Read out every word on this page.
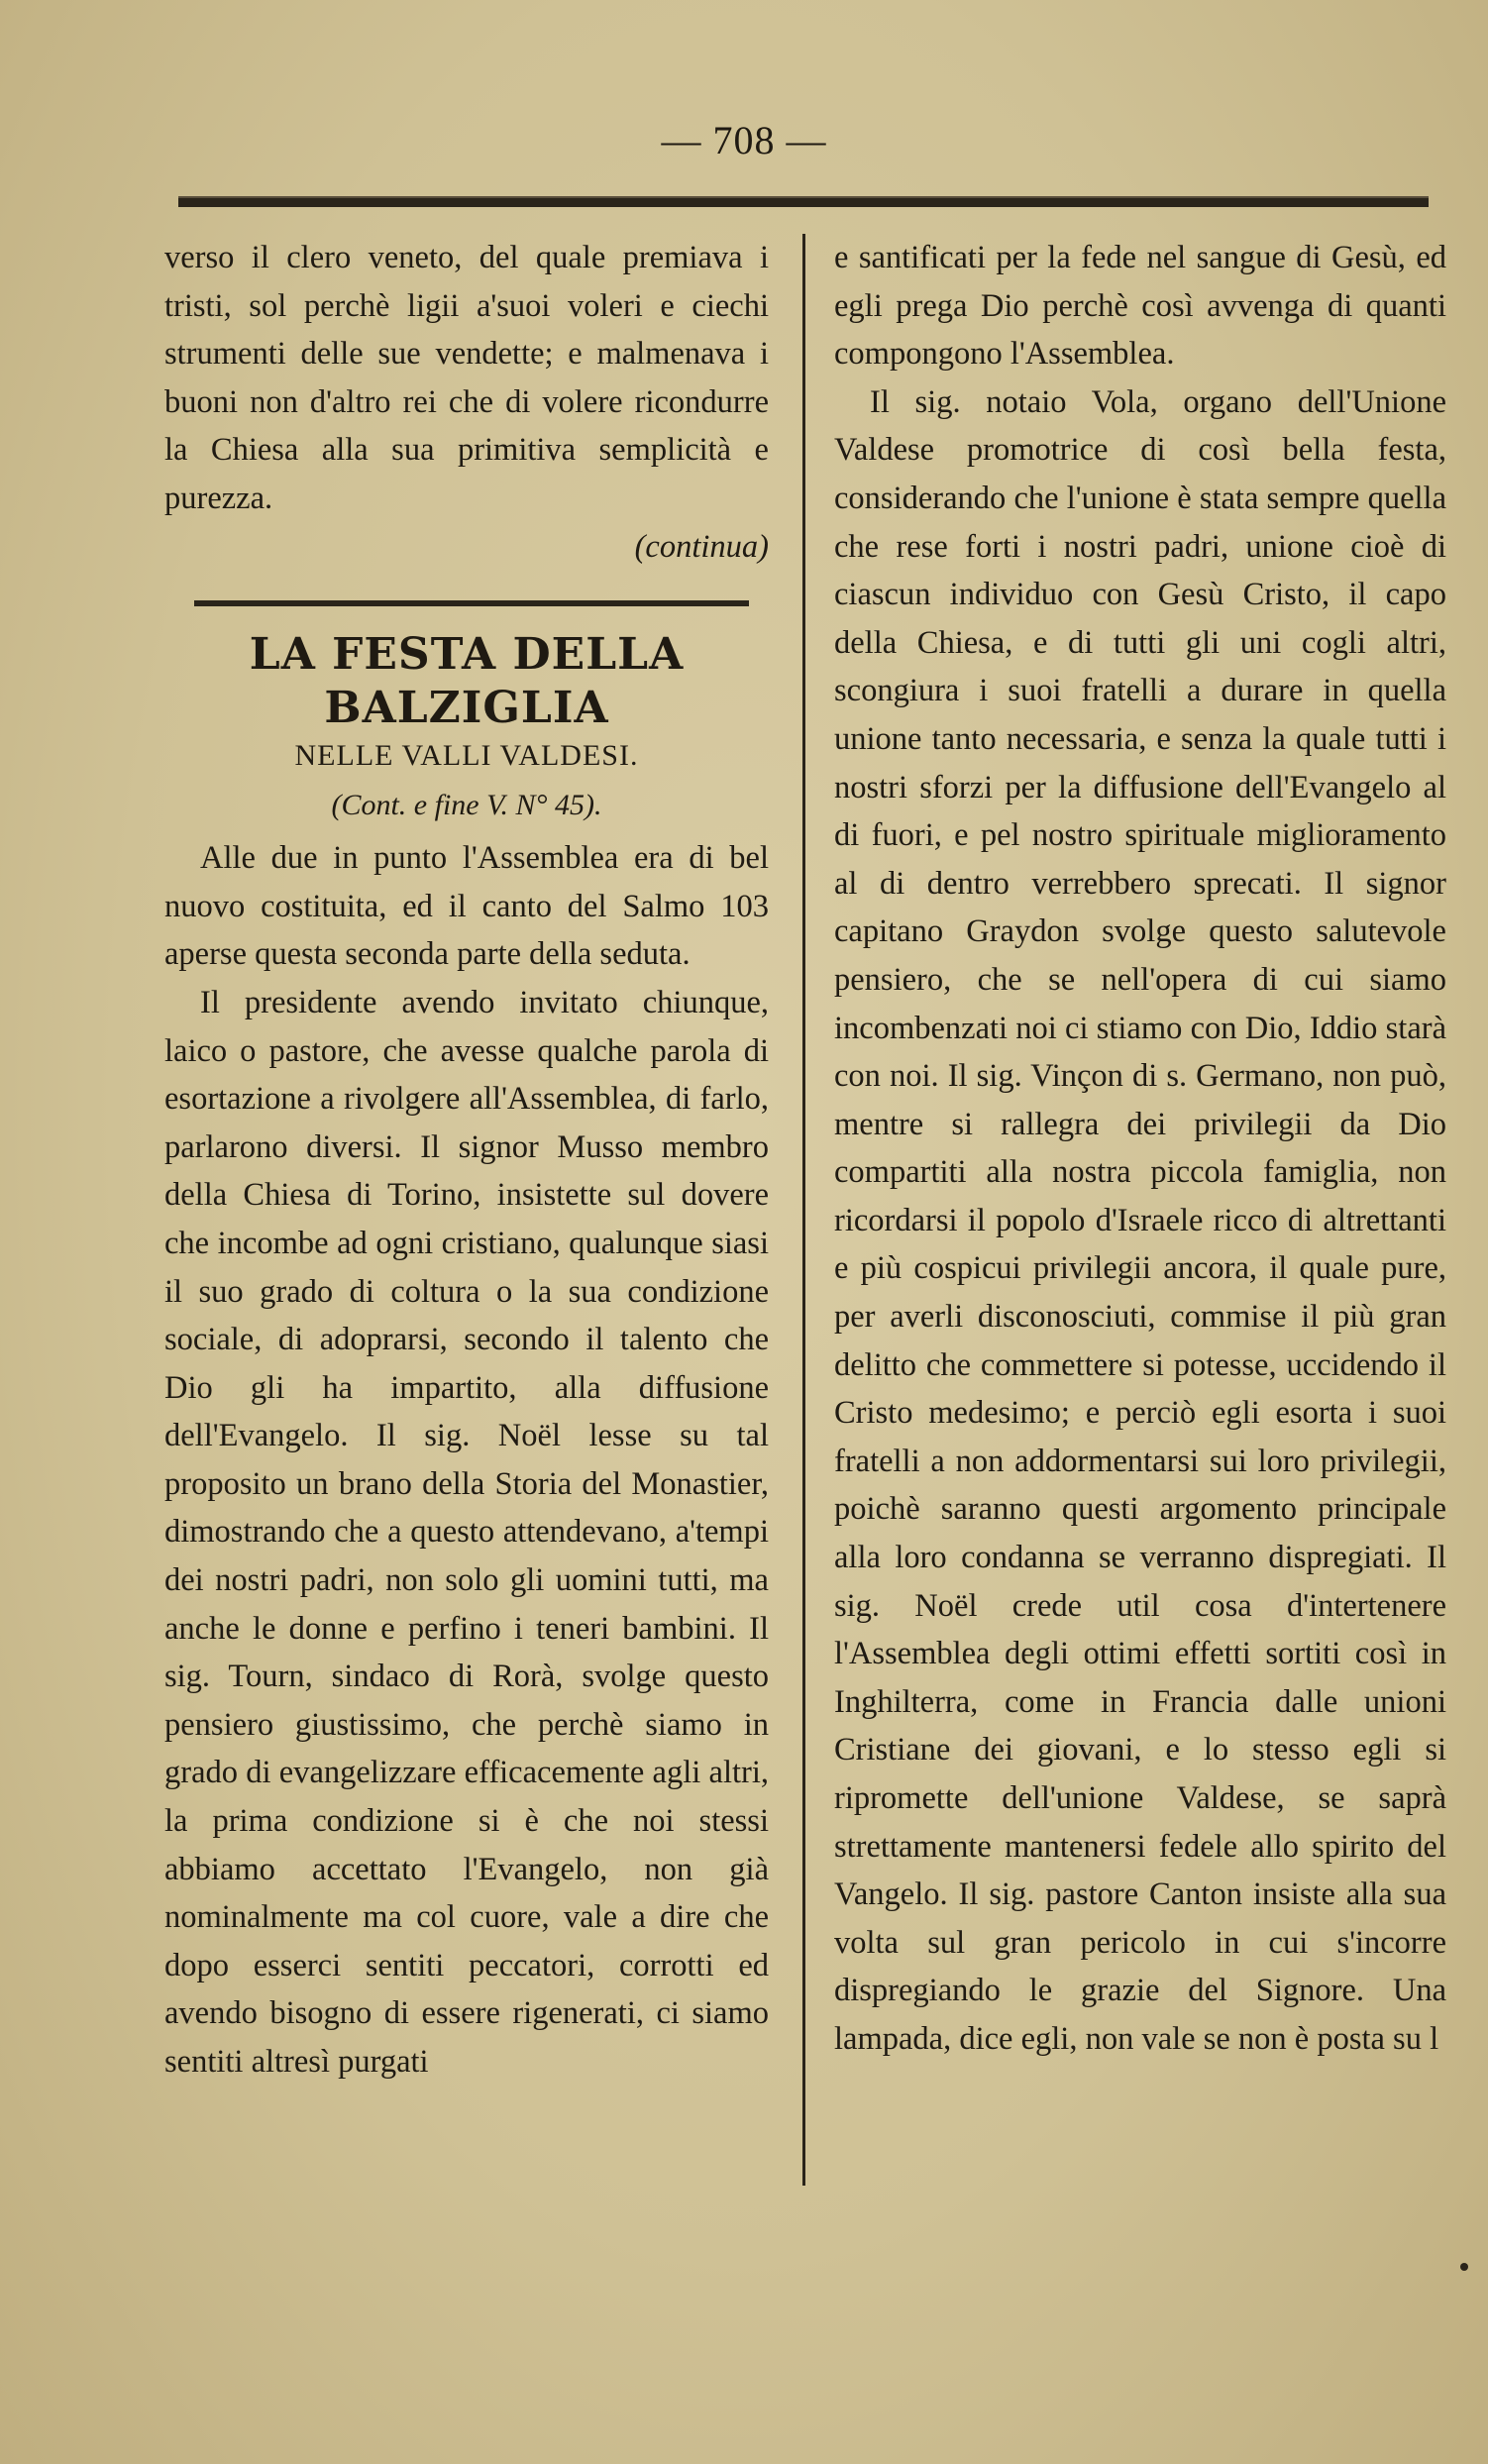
— 708 —

verso il clero veneto, del quale premiava i tristi, sol perchè ligii a'suoi voleri e ciechi strumenti delle sue vendette; e malmenava i buoni non d'altro rei che di volere ricondurre la Chiesa alla sua primitiva semplicità e purezza.

(continua)

LA FESTA DELLA BALZIGLIA
NELLE VALLI VALDESI.
(Cont. e fine V. N° 45).

Alle due in punto l'Assemblea era di bel nuovo costituita, ed il canto del Salmo 103 aperse questa seconda parte della seduta.

Il presidente avendo invitato chiunque, laico o pastore, che avesse qualche parola di esortazione a rivolgere all'Assemblea, di farlo, parlarono diversi. Il signor Musso membro della Chiesa di Torino, insistette sul dovere che incombe ad ogni cristiano, qualunque siasi il suo grado di coltura o la sua condizione sociale, di adoprarsi, secondo il talento che Dio gli ha impartito, alla diffusione dell'Evangelo. Il sig. Noël lesse su tal proposito un brano della Storia del Monastier, dimostrando che a questo attendevano, a'tempi dei nostri padri, non solo gli uomini tutti, ma anche le donne e perfino i teneri bambini. Il sig. Tourn, sindaco di Rorà, svolge questo pensiero giustissimo, che perchè siamo in grado di evangelizzare efficacemente agli altri, la prima condizione si è che noi stessi abbiamo accettato l'Evangelo, non già nominalmente ma col cuore, vale a dire che dopo esserci sentiti peccatori, corrotti ed avendo bisogno di essere rigenerati, ci siamo sentiti altresì purgati

e santificati per la fede nel sangue di Gesù, ed egli prega Dio perchè così avvenga di quanti compongono l'Assemblea.

Il sig. notaio Vola, organo dell'Unione Valdese promotrice di così bella festa, considerando che l'unione è stata sempre quella che rese forti i nostri padri, unione cioè di ciascun individuo con Gesù Cristo, il capo della Chiesa, e di tutti gli uni cogli altri, scongiura i suoi fratelli a durare in quella unione tanto necessaria, e senza la quale tutti i nostri sforzi per la diffusione dell'Evangelo al di fuori, e pel nostro spirituale miglioramento al di dentro verrebbero sprecati. Il signor capitano Graydon svolge questo salutevole pensiero, che se nell'opera di cui siamo incombenzati noi ci stiamo con Dio, Iddio starà con noi. Il sig. Vinçon di s. Germano, non può, mentre si rallegra dei privilegii da Dio compartiti alla nostra piccola famiglia, non ricordarsi il popolo d'Israele ricco di altrettanti e più cospicui privilegii ancora, il quale pure, per averli disconosciuti, commise il più gran delitto che commettere si potesse, uccidendo il Cristo medesimo; e perciò egli esorta i suoi fratelli a non addormentarsi sui loro privilegii, poichè saranno questi argomento principale alla loro condanna se verranno dispregiati. Il sig. Noël crede util cosa d'intertenere l'Assemblea degli ottimi effetti sortiti così in Inghilterra, come in Francia dalle unioni Cristiane dei giovani, e lo stesso egli si ripromette dell'unione Valdese, se saprà strettamente mantenersi fedele allo spirito del Vangelo. Il sig. pastore Canton insiste alla sua volta sul gran pericolo in cui s'incorre dispregiando le grazie del Signore. Una lampada, dice egli, non vale se non è posta su l
